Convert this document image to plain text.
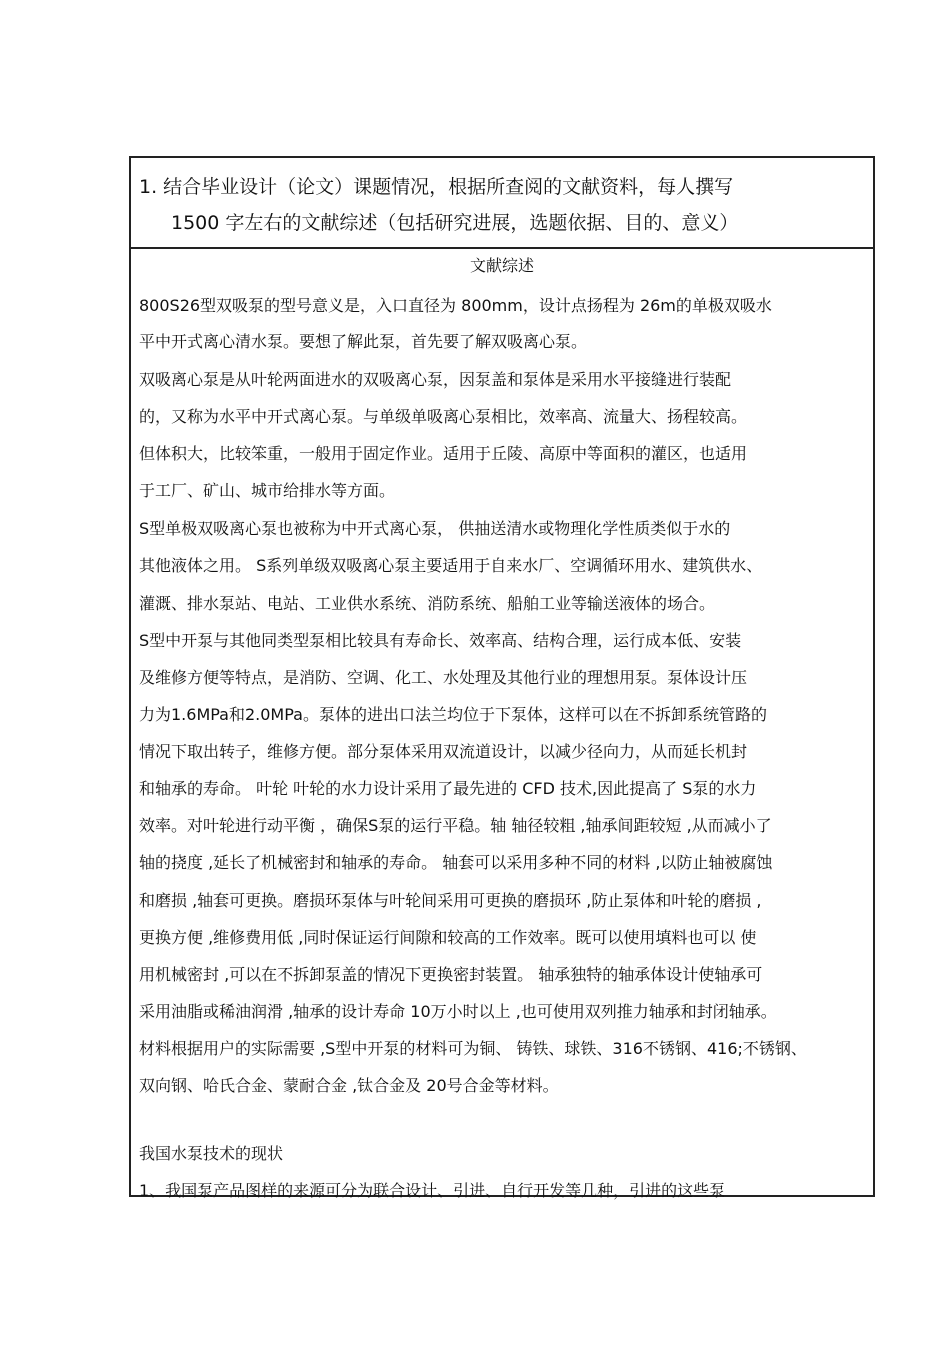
1. 结合毕业设计（论文）课题情况，根据所查阅的文献资料，每人撰写
1500 字左右的文献综述（包括研究进展，选题依据、目的、意义）
文献综述
800S26型双吸泵的型号意义是，入口直径为 800mm，设计点扬程为 26m的单极双吸水
平中开式离心清水泵。要想了解此泵，首先要了解双吸离心泵。
双吸离心泵是从叶轮两面进水的双吸离心泵，因泵盖和泵体是采用水平接缝进行装配
的，又称为水平中开式离心泵。与单级单吸离心泵相比，效率高、流量大、扬程较高。
但体积大，比较笨重，一般用于固定作业。适用于丘陵、高原中等面积的灌区，也适用
于工厂、矿山、城市给排水等方面。
S型单极双吸离心泵也被称为中开式离心泵， 供抽送清水或物理化学性质类似于水的
其他液体之用。 S系列单级双吸离心泵主要适用于自来水厂、空调循环用水、建筑供水、
灌溉、排水泵站、电站、工业供水系统、消防系统、船舶工业等输送液体的场合。
S型中开泵与其他同类型泵相比较具有寿命长、效率高、结构合理，运行成本低、安装
及维修方便等特点，是消防、空调、化工、水处理及其他行业的理想用泵。泵体设计压
力为1.6MPa和2.0MPa。泵体的进出口法兰均位于下泵体，这样可以在不拆卸系统管路的
情况下取出转子，维修方便。部分泵体采用双流道设计，以减少径向力，从而延长机封
和轴承的寿命。 叶轮 叶轮的水力设计采用了最先进的 CFD 技术,因此提高了 S泵的水力
效率。对叶轮进行动平衡 ，确保S泵的运行平稳。轴 轴径较粗 ,轴承间距较短 ,从而减小了
轴的挠度 ,延长了机械密封和轴承的寿命。 轴套可以采用多种不同的材料 ,以防止轴被腐蚀
和磨损 ,轴套可更换。磨损环泵体与叶轮间采用可更换的磨损环 ,防止泵体和叶轮的磨损 ,
更换方便 ,维修费用低 ,同时保证运行间隙和较高的工作效率。既可以使用填料也可以 使
用机械密封 ,可以在不拆卸泵盖的情况下更换密封装置。 轴承独特的轴承体设计使轴承可
采用油脂或稀油润滑 ,轴承的设计寿命 10万小时以上 ,也可使用双列推力轴承和封闭轴承。
材料根据用户的实际需要 ,S型中开泵的材料可为铜、 铸铁、球铁、316不锈钢、416;不锈钢、
双向钢、哈氏合金、蒙耐合金 ,钛合金及 20号合金等材料。
我国水泵技术的现状
1、我国泵产品图样的来源可分为联合设计、引进、自行开发等几种，引进的这些泵
